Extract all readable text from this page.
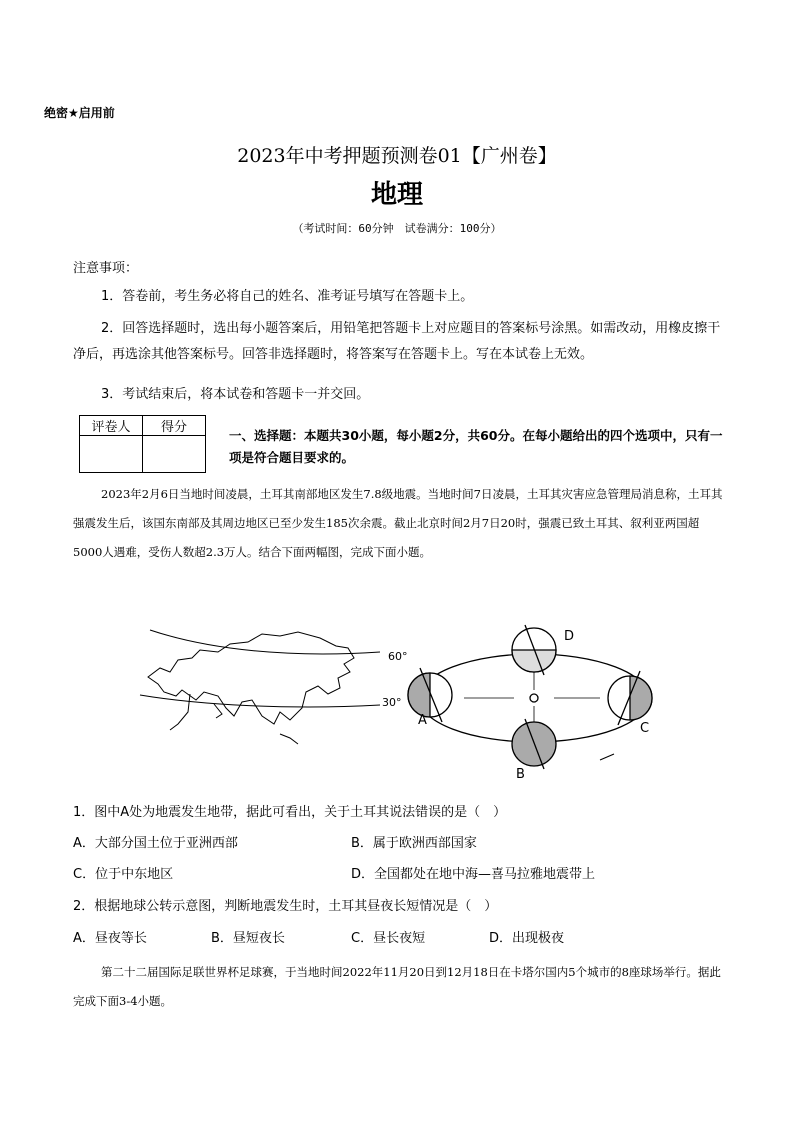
绝密★启用前
2023年中考押题预测卷01【广州卷】
地理
（考试时间：60分钟　试卷满分：100分）
注意事项：
1．答卷前，考生务必将自己的姓名、准考证号填写在答题卡上。
2．回答选择题时，选出每小题答案后，用铅笔把答题卡上对应题目的答案标号涂黑。如需改动，用橡皮擦干净后，再选涂其他答案标号。回答非选择题时，将答案写在答题卡上。写在本试卷上无效。
3．考试结束后，将本试卷和答题卡一并交回。
评卷人	得分

一、选择题：本题共30小题，每小题2分，共60分。在每小题给出的四个选项中，只有一项是符合题目要求的。
2023年2月6日当地时间凌晨，土耳其南部地区发生7.8级地震。当地时间7日凌晨，土耳其灾害应急管理局消息称，土耳其强震发生后，该国东南部及其周边地区已至少发生185次余震。截止北京时间2月7日20时，强震已致土耳其、叙利亚两国超5000人遇难，受伤人数超2.3万人。结合下面两幅图，完成下面小题。
60°
30°
A
B
C
D
1．图中A处为地震发生地带，据此可看出，关于土耳其说法错误的是（　）
A．大部分国土位于亚洲西部	B．属于欧洲西部国家
C．位于中东地区	D．全国都处在地中海—喜马拉雅地震带上
2．根据地球公转示意图，判断地震发生时，土耳其昼夜长短情况是（　）
A．昼夜等长	B．昼短夜长	C．昼长夜短	D．出现极夜
第二十二届国际足联世界杯足球赛，于当地时间2022年11月20日到12月18日在卡塔尔国内5个城市的8座球场举行。据此完成下面3-4小题。
